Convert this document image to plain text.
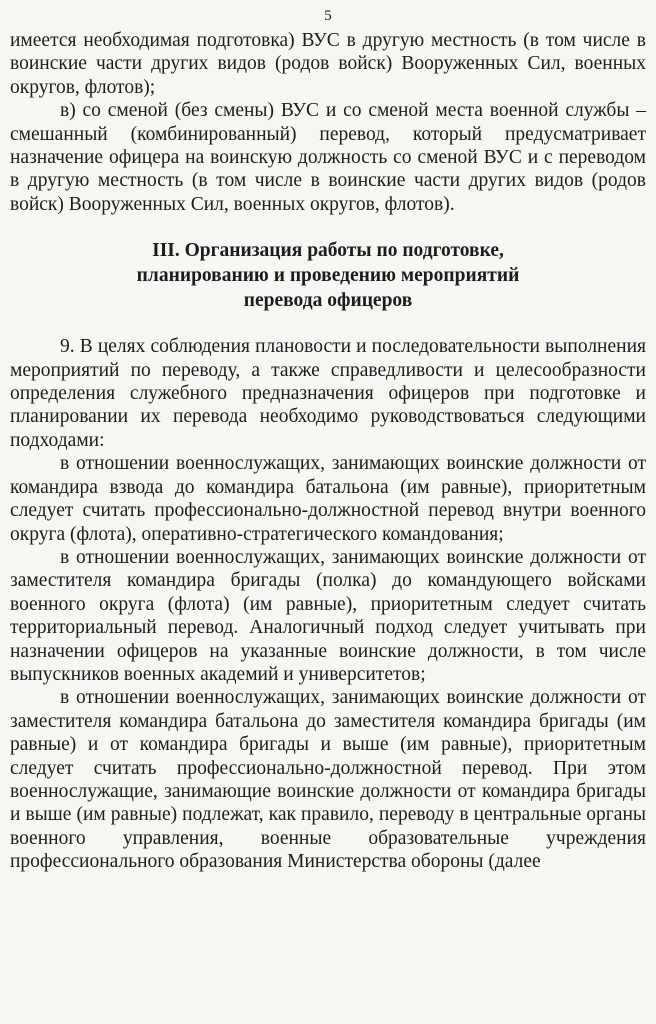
5

имеется необходимая подготовка) ВУС в другую местность (в том числе в воинские части других видов (родов войск) Вооруженных Сил, военных округов, флотов);

в) со сменой (без смены) ВУС и со сменой места военной службы – смешанный (комбинированный) перевод, который предусматривает назначение офицера на воинскую должность со сменой ВУС и с переводом в другую местность (в том числе в воинские части других видов (родов войск) Вооруженных Сил, военных округов, флотов).

III. Организация работы по подготовке,
планированию и проведению мероприятий
перевода офицеров

9. В целях соблюдения плановости и последовательности выполнения мероприятий по переводу, а также справедливости и целесообразности определения служебного предназначения офицеров при подготовке и планировании их перевода необходимо руководствоваться следующими подходами:

в отношении военнослужащих, занимающих воинские должности от командира взвода до командира батальона (им равные), приоритетным следует считать профессионально-должностной перевод внутри военного округа (флота), оперативно-стратегического командования;

в отношении военнослужащих, занимающих воинские должности от заместителя командира бригады (полка) до командующего войсками военного округа (флота) (им равные), приоритетным следует считать территориальный перевод. Аналогичный подход следует учитывать при назначении офицеров на указанные воинские должности, в том числе выпускников военных академий и университетов;

в отношении военнослужащих, занимающих воинские должности от заместителя командира батальона до заместителя командира бригады (им равные) и от командира бригады и выше (им равные), приоритетным следует считать профессионально-должностной перевод. При этом военнослужащие, занимающие воинские должности от командира бригады и выше (им равные) подлежат, как правило, переводу в центральные органы военного управления, военные образовательные учреждения профессионального образования Министерства обороны (далее
